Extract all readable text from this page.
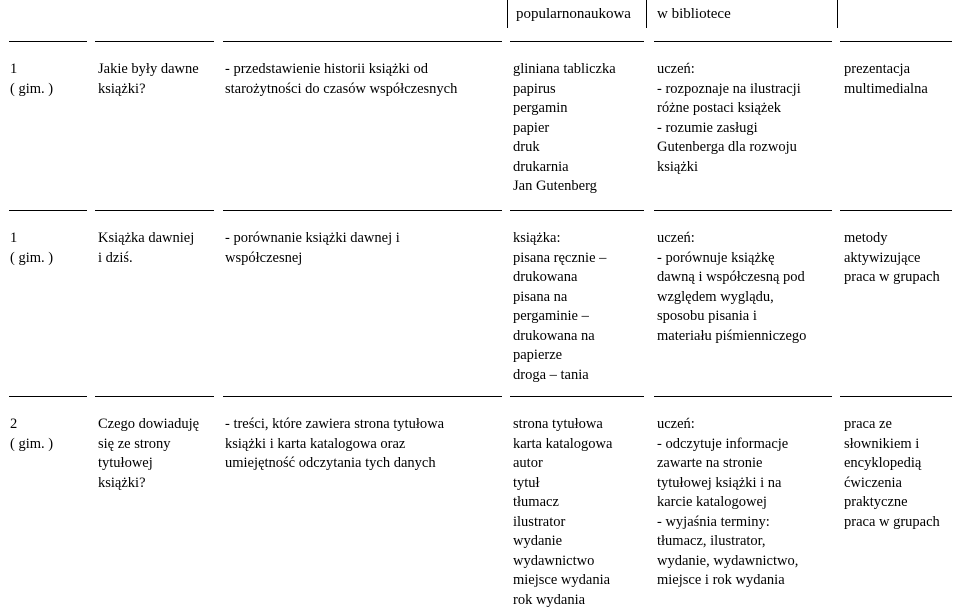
popularnonaukowa	w bibliotece
1
( gim. )
Jakie były dawne
książki?
- przedstawienie historii książki od
starożytności do czasów współczesnych
gliniana tabliczka
papirus
pergamin
papier
druk
drukarnia
Jan Gutenberg
uczeń:
- rozpoznaje na ilustracji
różne postaci książek
- rozumie zasługi
Gutenberga dla rozwoju
książki
prezentacja
multimedialna
1
( gim. )
Książka dawniej
i dziś.
- porównanie książki dawnej i
współczesnej
książka:
pisana ręcznie –
drukowana
pisana na
pergaminie –
drukowana na
papierze
droga – tania
uczeń:
- porównuje książkę
dawną i współczesną pod
względem wyglądu,
sposobu pisania i
materiału piśmienniczego
metody
aktywizujące
praca w grupach
2
( gim. )
Czego dowiaduję
się ze strony
tytułowej
książki?
- treści, które zawiera strona tytułowa
książki i karta katalogowa oraz
umiejętność odczytania tych danych
strona tytułowa
karta katalogowa
autor
tytuł
tłumacz
ilustrator
wydanie
wydawnictwo
miejsce wydania
rok wydania
uczeń:
- odczytuje informacje
zawarte na stronie
tytułowej książki i na
karcie katalogowej
- wyjaśnia terminy:
tłumacz, ilustrator,
wydanie, wydawnictwo,
miejsce i rok wydania
praca ze
słownikiem i
encyklopedią
ćwiczenia
praktyczne
praca w grupach
